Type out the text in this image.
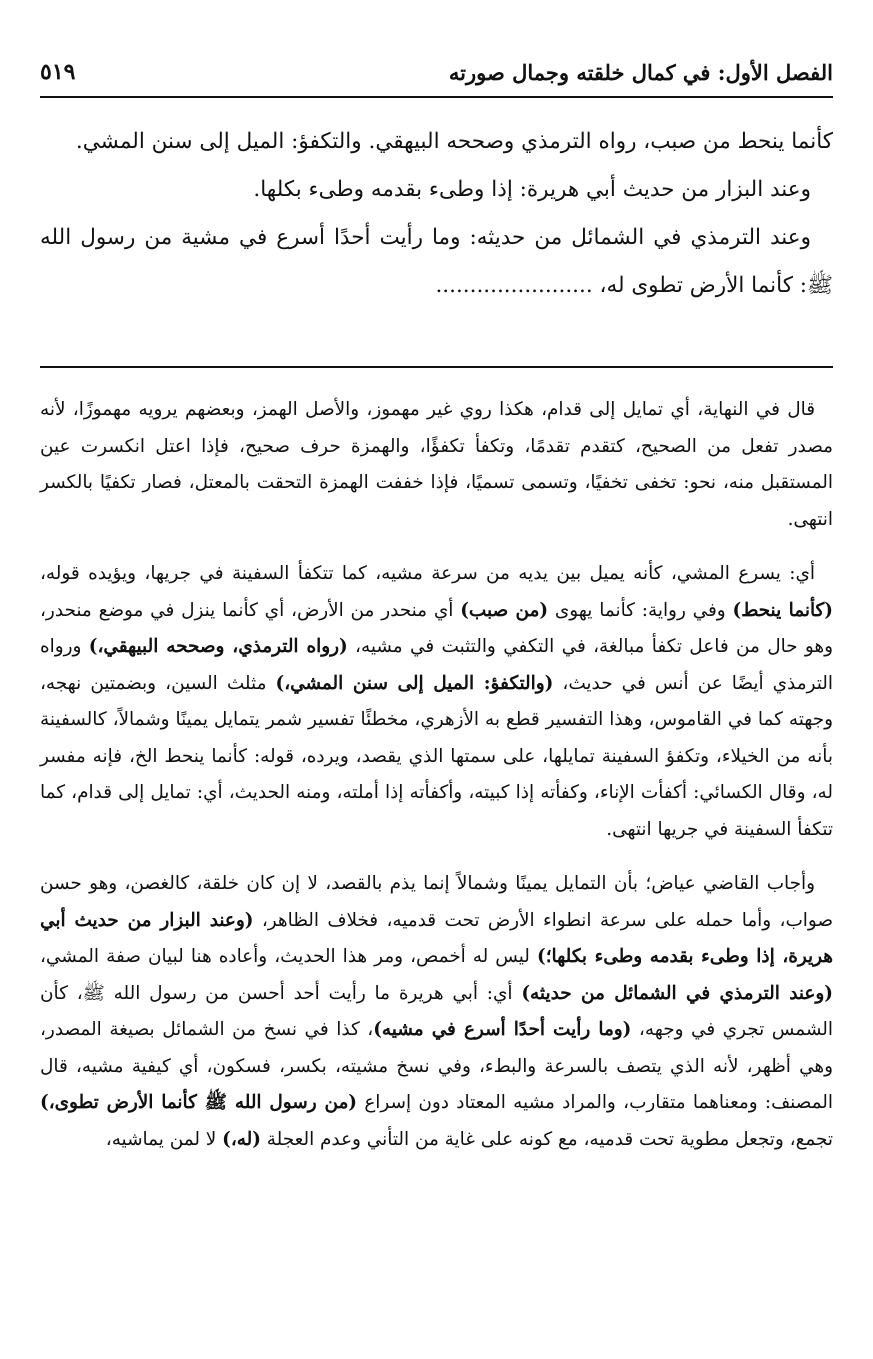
الفصل الأول: في كمال خلقته وجمال صورته
٥١٩

كأنما ينحط من صبب، رواه الترمذي وصححه البيهقي. والتكفؤ: الميل إلى سنن المشي.

وعند البزار من حديث أبي هريرة: إذا وطىء بقدمه وطىء بكلها.

وعند الترمذي في الشمائل من حديثه: وما رأيت أحدًا أسرع في مشية من رسول الله ﷺ: كأنما الأرض تطوى له، .......................

قال في النهاية، أي تمايل إلى قدام، هكذا روي غير مهموز، والأصل الهمز، وبعضهم يرويه مهموزًا، لأنه مصدر تفعل من الصحيح، كتقدم تقدمًا، وتكفأ تكفؤًا، والهمزة حرف صحيح، فإذا اعتل انكسرت عين المستقبل منه، نحو: تخفى تخفيًا، وتسمى تسميًا، فإذا خففت الهمزة التحقت بالمعتل، فصار تكفيًا بالكسر انتهى.

أي: يسرع المشي، كأنه يميل بين يديه من سرعة مشيه، كما تتكفأ السفينة في جريها، ويؤيده قوله، (كأنما ينحط) وفي رواية: كأنما يهوى (من صبب) أي منحدر من الأرض، أي كأنما ينزل في موضع منحدر، وهو حال من فاعل تكفأ مبالغة، في التكفي والتثبت في مشيه، (رواه الترمذي، وصححه البيهقي،) ورواه الترمذي أيضًا عن أنس في حديث، (والتكفؤ: الميل إلى سنن المشي،) مثلث السين، وبضمتين نهجه، وجهته كما في القاموس، وهذا التفسير قطع به الأزهري، مخطئًا تفسير شمر يتمايل يمينًا وشمالاً، كالسفينة بأنه من الخيلاء، وتكفؤ السفينة تمايلها، على سمتها الذي يقصد، ويرده، قوله: كأنما ينحط الخ، فإنه مفسر له، وقال الكسائي: أكفأت الإناء، وكفأته إذا كبيته، وأكفأته إذا أملته، ومنه الحديث، أي: تمايل إلى قدام، كما تتكفأ السفينة في جريها انتهى.

وأجاب القاضي عياض؛ بأن التمايل يمينًا وشمالاً إنما يذم بالقصد، لا إن كان خلقة، كالغصن، وهو حسن صواب، وأما حمله على سرعة انطواء الأرض تحت قدميه، فخلاف الظاهر، (وعند البزار من حديث أبي هريرة، إذا وطىء بقدمه وطىء بكلها؛) ليس له أخمص، ومر هذا الحديث، وأعاده هنا لبيان صفة المشي، (وعند الترمذي في الشمائل من حديثه) أي: أبي هريرة ما رأيت أحد أحسن من رسول الله ﷺ، كأن الشمس تجري في وجهه، (وما رأيت أحدًا أسرع في مشيه)، كذا في نسخ من الشمائل بصيغة المصدر، وهي أظهر، لأنه الذي يتصف بالسرعة والبطء، وفي نسخ مشيته، بكسر، فسكون، أي كيفية مشيه، قال المصنف: ومعناهما متقارب، والمراد مشيه المعتاد دون إسراع (من رسول الله ﷺ كأنما الأرض تطوى،) تجمع، وتجعل مطوية تحت قدميه، مع كونه على غاية من التأني وعدم العجلة (له،) لا لمن يماشيه،
